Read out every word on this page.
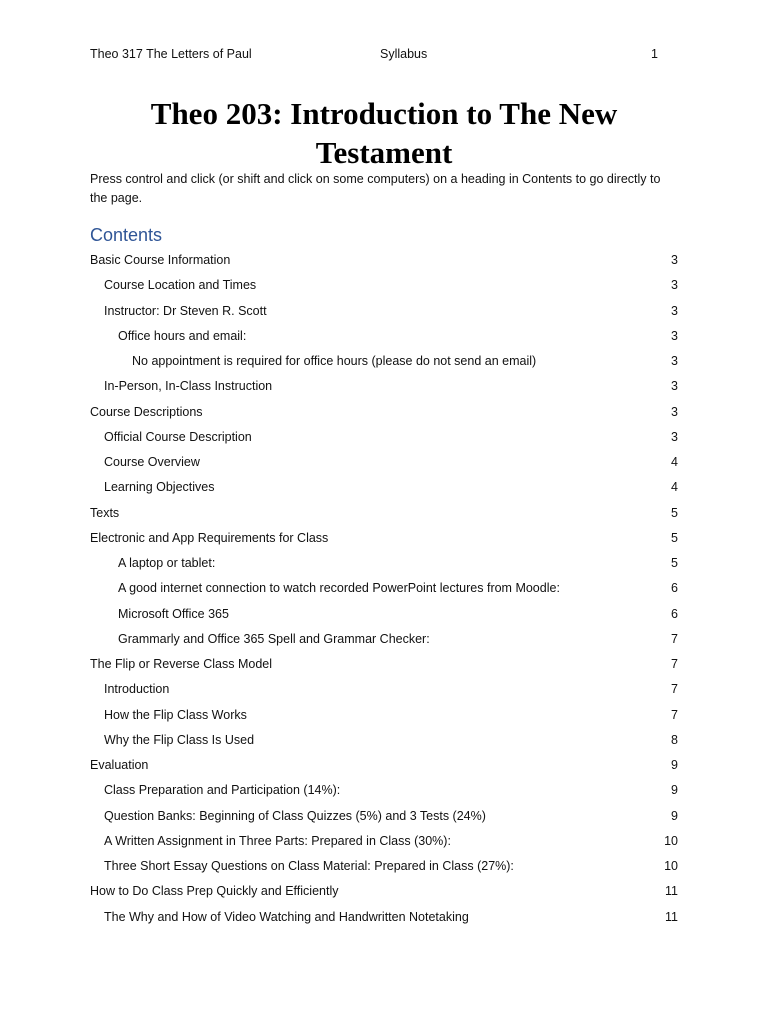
Theo 317 The Letters of Paul	Syllabus	1
Theo 203: Introduction to The New
Testament

Press control and click (or shift and click on some computers) on a heading in Contents to go directly to the page.

Contents
Basic Course Information	3
Course Location and Times	3
Instructor: Dr Steven R. Scott	3
Office hours and email:	3
No appointment is required for office hours (please do not send an email)	3
In-Person, In-Class Instruction	3
Course Descriptions	3
Official Course Description	3
Course Overview	4
Learning Objectives	4
Texts	5
Electronic and App Requirements for Class	5
A laptop or tablet:	5
A good internet connection to watch recorded PowerPoint lectures from Moodle:	6
Microsoft Office 365	6
Grammarly and Office 365 Spell and Grammar Checker:	7
The Flip or Reverse Class Model	7
Introduction	7
How the Flip Class Works	7
Why the Flip Class Is Used	8
Evaluation	9
Class Preparation and Participation (14%):	9
Question Banks: Beginning of Class Quizzes (5%) and 3 Tests (24%)	9
A Written Assignment in Three Parts: Prepared in Class (30%):	10
Three Short Essay Questions on Class Material: Prepared in Class (27%):	10
How to Do Class Prep Quickly and Efficiently	11
The Why and How of Video Watching and Handwritten Notetaking	11
